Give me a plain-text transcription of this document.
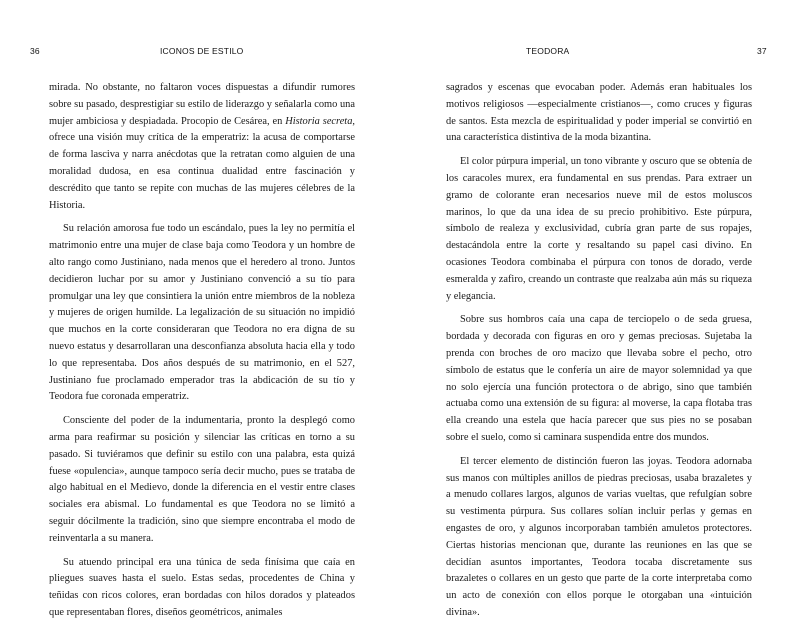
36	ICONOS DE ESTILO

mirada. No obstante, no faltaron voces dispuestas a difundir rumores sobre su pasado, desprestigiar su estilo de liderazgo y señalarla como una mujer ambiciosa y despiadada. Procopio de Cesárea, en Historia secreta, ofrece una visión muy crítica de la emperatriz: la acusa de comportarse de forma lasciva y narra anécdotas que la retratan como alguien de una moralidad dudosa, en esa continua dualidad entre fascinación y descrédito que tanto se repite con muchas de las mujeres célebres de la Historia.

Su relación amorosa fue todo un escándalo, pues la ley no permitía el matrimonio entre una mujer de clase baja como Teodora y un hombre de alto rango como Justiniano, nada menos que el heredero al trono. Juntos decidieron luchar por su amor y Justiniano convenció a su tío para promulgar una ley que consintiera la unión entre miembros de la nobleza y mujeres de origen humilde. La legalización de su situación no impidió que muchos en la corte consideraran que Teodora no era digna de su nuevo estatus y desarrollaran una desconfianza absoluta hacia ella y todo lo que representaba. Dos años después de su matrimonio, en el 527, Justiniano fue proclamado emperador tras la abdicación de su tío y Teodora fue coronada emperatriz.

Consciente del poder de la indumentaria, pronto la desplegó como arma para reafirmar su posición y silenciar las críticas en torno a su pasado. Si tuviéramos que definir su estilo con una palabra, esta quizá fuese «opulencia», aunque tampoco sería decir mucho, pues se trataba de algo habitual en el Medievo, donde la diferencia en el vestir entre clases sociales era abismal. Lo fundamental es que Teodora no se limitó a seguir dócilmente la tradición, sino que siempre encontraba el modo de reinventarla a su manera.

Su atuendo principal era una túnica de seda finísima que caía en pliegues suaves hasta el suelo. Estas sedas, procedentes de China y teñidas con ricos colores, eran bordadas con hilos dorados y plateados que representaban flores, diseños geométricos, animales

TEODORA	37

sagrados y escenas que evocaban poder. Además eran habituales los motivos religiosos —especialmente cristianos—, como cruces y figuras de santos. Esta mezcla de espiritualidad y poder imperial se convirtió en una característica distintiva de la moda bizantina.

El color púrpura imperial, un tono vibrante y oscuro que se obtenía de los caracoles murex, era fundamental en sus prendas. Para extraer un gramo de colorante eran necesarios nueve mil de estos moluscos marinos, lo que da una idea de su precio prohibitivo. Este púrpura, símbolo de realeza y exclusividad, cubría gran parte de sus ropajes, destacándola entre la corte y resaltando su papel casi divino. En ocasiones Teodora combinaba el púrpura con tonos de dorado, verde esmeralda y zafiro, creando un contraste que realzaba aún más su riqueza y elegancia.

Sobre sus hombros caía una capa de terciopelo o de seda gruesa, bordada y decorada con figuras en oro y gemas preciosas. Sujetaba la prenda con broches de oro macizo que llevaba sobre el pecho, otro símbolo de estatus que le confería un aire de mayor solemnidad ya que no solo ejercía una función protectora o de abrigo, sino que también actuaba como una extensión de su figura: al moverse, la capa flotaba tras ella creando una estela que hacía parecer que sus pies no se posaban sobre el suelo, como si caminara suspendida entre dos mundos.

El tercer elemento de distinción fueron las joyas. Teodora adornaba sus manos con múltiples anillos de piedras preciosas, usaba brazaletes y a menudo collares largos, algunos de varias vueltas, que refulgían sobre su vestimenta púrpura. Sus collares solían incluir perlas y gemas en engastes de oro, y algunos incorporaban también amuletos protectores. Ciertas historias mencionan que, durante las reuniones en las que se decidían asuntos importantes, Teodora tocaba discretamente sus brazaletes o collares en un gesto que parte de la corte interpretaba como un acto de conexión con ellos porque le otorgaban una «intuición divina».
